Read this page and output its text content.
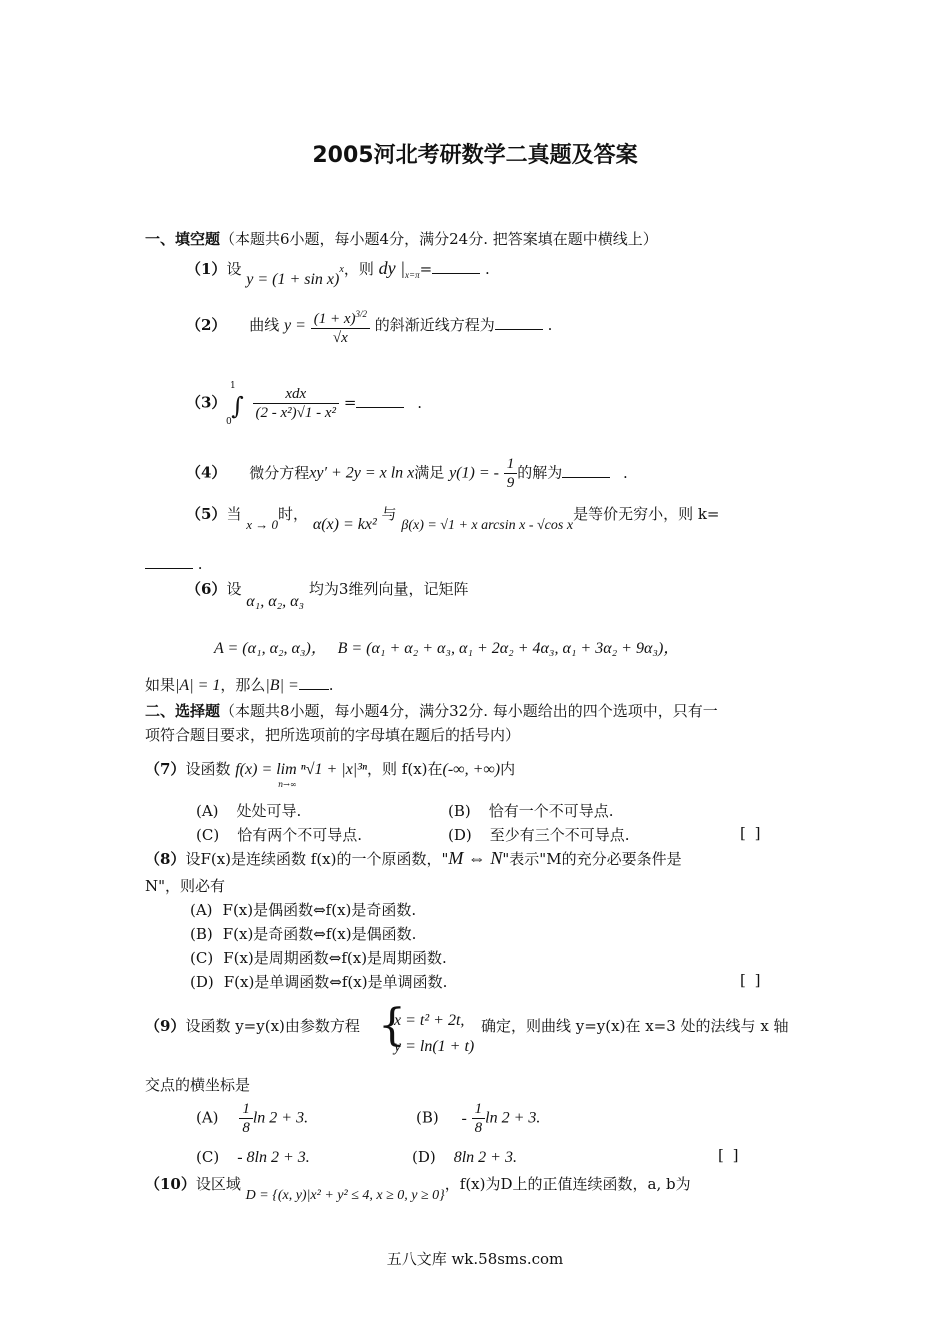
2005河北考研数学二真题及答案
一、填空题（本题共6小题，每小题4分，满分24分. 把答案填在题中横线上）
（1）设 $y = (1 + \sin x)^x$，则 dy $|_{x=\pi}=$	.
（2） 曲线 $y = \frac{(1 + x)^{3/2}}{√x}$ 的斜渐近线方程为	.
（3） ∫
1
$0 \frac{\text{xdx}}{\text{(2 - x²)√1 - x²}}$ =	.
（4） 微分方程xy′ + 2y = x ln x满足 y(1) = - $\frac{1}{9}$ 的解为	.
（5）当 x → 0时， α(x) = kx² 与 β(x) = √1 + x arcsin x - √cos x是等价无穷小，则 k=
.
（6）设 α₁, α₂, α₃ 均为3维列向量，记矩阵
A = (α₁, α₂, α₃)， B = (α₁ + α₂ + α₃, α₁ + 2α₂ + 4α₃, α₁ + 3α₂ + 9α₃)，
如果|A| = 1，那么|B| = .
二、选择题（本题共8小题，每小题4分，满分32分. 每小题给出的四个选项中，只有一
项符合题目要求，把所选项前的字母填在题后的括号内）
（7）设函数 f(x) = lim ⁿ√1 + |x|³ⁿ，则 f(x)在(-∞, +∞)内
n→∞
(A) 处处可导.	(B) 恰有一个不可导点.
(C) 恰有两个不可导点.	(D) 至少有三个不可导点.	[ ]
（8）设F(x)是连续函数 f(x)的一个原函数，"M ⇔ N"表示"M的充分必要条件是
N"，则必有
(A) F(x)是偶函数⇔f(x)是奇函数.
(B) F(x)是奇函数⇔f(x)是偶函数.
(C) F(x)是周期函数⇔f(x)是周期函数.
(D) F(x)是单调函数⇔f(x)是单调函数.	[ ]
（9）设函数 y=y(x)由参数方程 {
x = t² + 2t,
y = ln(1 + t)
确定，则曲线 y=y(x)在 x=3 处的法线与 x 轴
交点的横坐标是
$(A) \frac{1}{8}$ ln 2 + 3.	$(B) - \frac{1}{8}$ ln 2 + 3.
(C) - 8ln 2 + 3.	(D) 8ln 2 + 3.	[ ]
（10）设区域 D = {(x, y)|x² + y² ≤ 4, x ≥ 0, y ≥ 0}，f(x)为D上的正值连续函数，a, b为
五八文库 wk.58sms.com
